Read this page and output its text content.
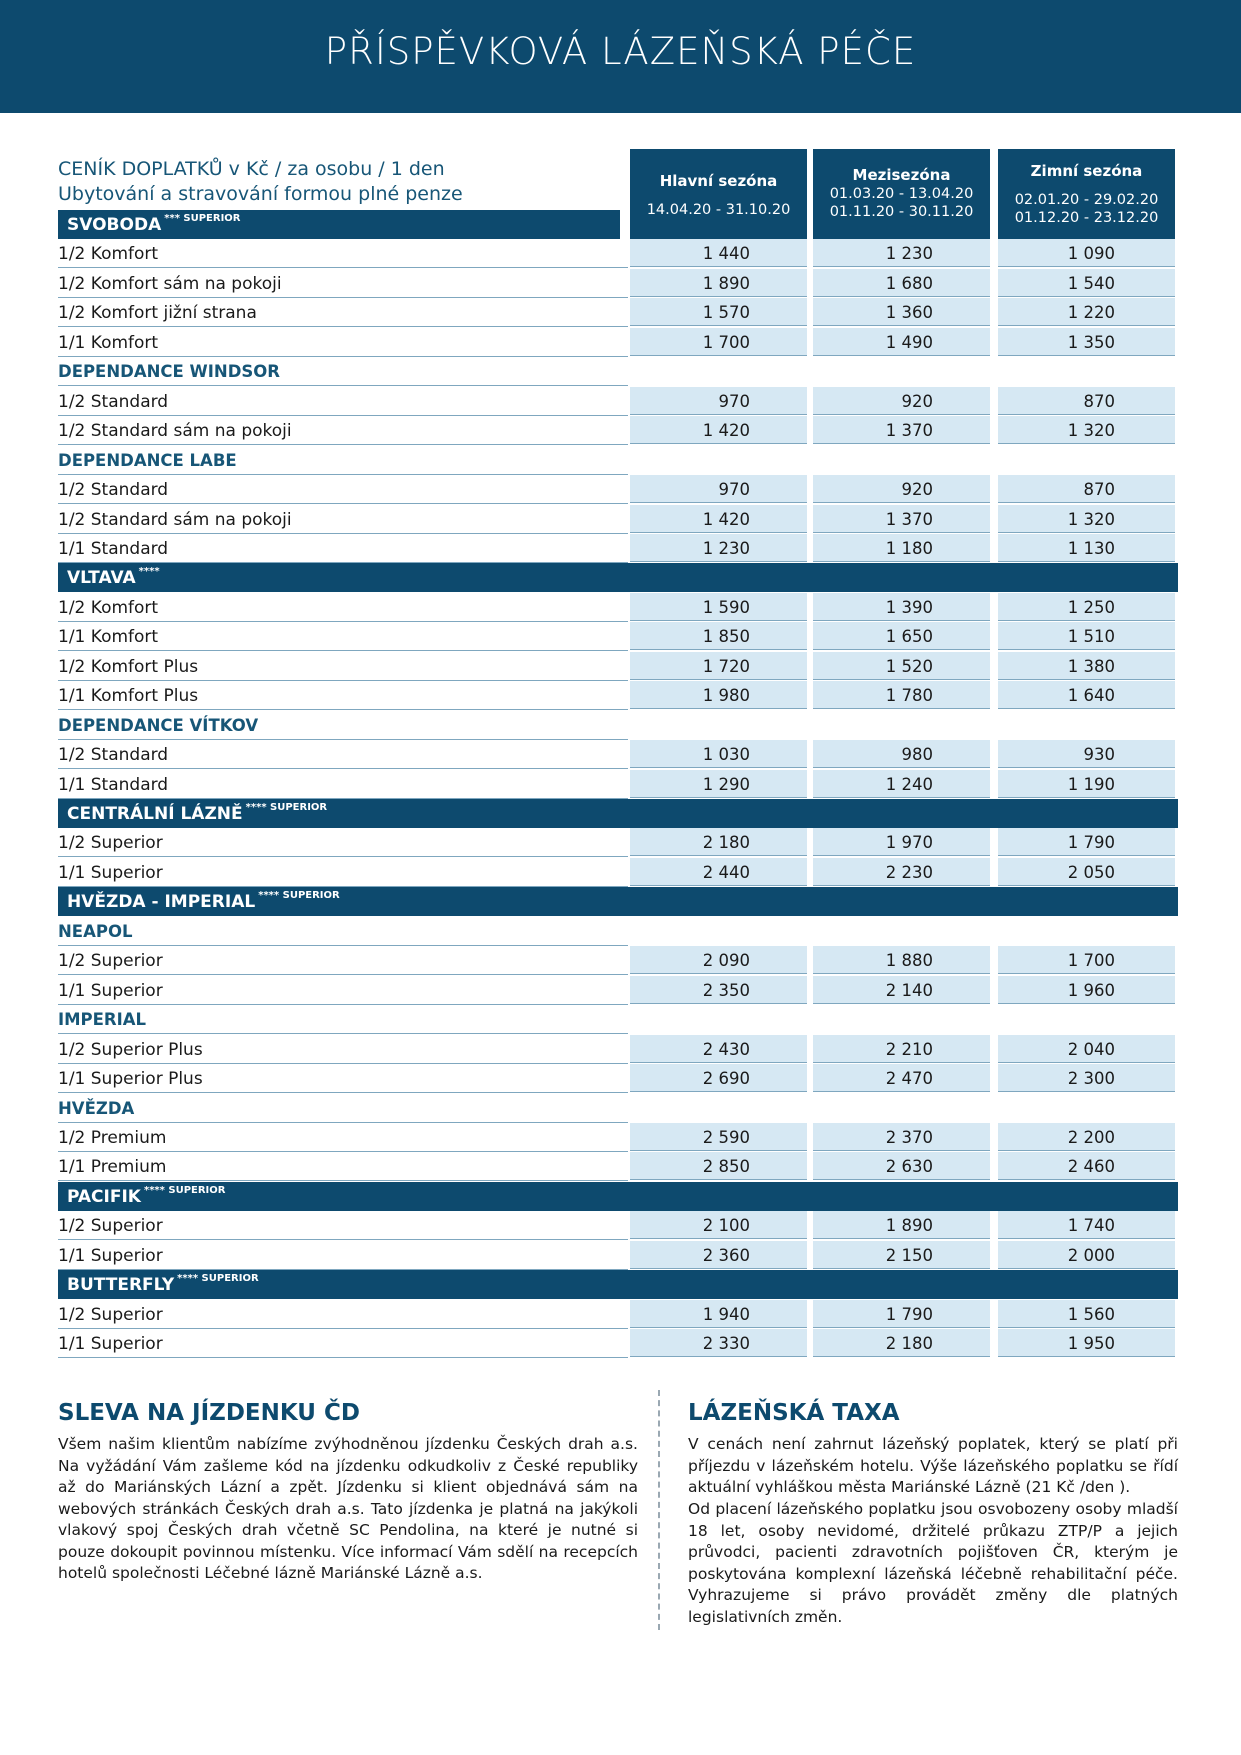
PŘÍSPĚVKOVÁ LÁZEŇSKÁ PÉČE
CENÍK DOPLATKŮ v Kč / za osobu / 1 den
Ubytování a stravování formou plné penze
Hlavní sezóna
14.04.20 - 31.10.20
Mezisezóna
01.03.20 - 13.04.20
01.11.20 - 30.11.20
Zimní sezóna
02.01.20 - 29.02.20
01.12.20 - 23.12.20
SVOBODA $^{*** SUPERIOR}$
1/2 Komfort	1 440	1 230	1 090
1/2 Komfort sám na pokoji	1 890	1 680	1 540
1/2 Komfort jižní strana	1 570	1 360	1 220
1/1 Komfort	1 700	1 490	1 350
DEPENDANCE WINDSOR
1/2 Standard	970	920	870
1/2 Standard sám na pokoji	1 420	1 370	1 320
DEPENDANCE LABE
1/2 Standard	970	920	870
1/2 Standard sám na pokoji	1 420	1 370	1 320
1/1 Standard	1 230	1 180	1 130
VLTAVA ****
1/2 Komfort	1 590	1 390	1 250
1/1 Komfort	1 850	1 650	1 510
1/2 Komfort Plus	1 720	1 520	1 380
1/1 Komfort Plus	1 980	1 780	1 640
DEPENDANCE VÍTKOV
1/2 Standard	1 030	980	930
1/1 Standard	1 290	1 240	1 190
CENTRÁLNÍ LÁZNĚ $^{**** SUPERIOR}$
1/2 Superior	2 180	1 970	1 790
1/1 Superior	2 440	2 230	2 050
HVĚZDA - IMPERIAL $^{**** SUPERIOR}$
NEAPOL
1/2 Superior	2 090	1 880	1 700
1/1 Superior	2 350	2 140	1 960
IMPERIAL
1/2 Superior Plus	2 430	2 210	2 040
1/1 Superior Plus	2 690	2 470	2 300
HVĚZDA
1/2 Premium	2 590	2 370	2 200
1/1 Premium	2 850	2 630	2 460
PACIFIK $^{**** SUPERIOR}$
1/2 Superior	2 100	1 890	1 740
1/1 Superior	2 360	2 150	2 000
BUTTERFLY $^{**** SUPERIOR}$
1/2 Superior	1 940	1 790	1 560
1/1 Superior	2 330	2 180	1 950
SLEVA NA JÍZDENKU ČD
Všem našim klientům nabízíme zvýhodněnou jízdenku Českých drah a.s. Na vyžádání Vám zašleme kód na jízdenku odkudkoliv z České republiky až do Mariánských Lázní a zpět. Jízdenku si klient objednává sám na webových stránkách Českých drah a.s. Tato jízdenka je platná na jakýkoli vlakový spoj Českých drah včetně SC Pendolina, na které je nutné si pouze dokoupit povinnou místenku. Více informací Vám sdělí na recepcích hotelů společnosti Léčebné lázně Mariánské Lázně a.s.
LÁZEŇSKÁ TAXA
V cenách není zahrnut lázeňský poplatek, který se platí při příjezdu v lázeňském hotelu. Výše lázeňského poplatku se řídí aktuální vyhláškou města Mariánské Lázně (21 Kč /den ).
Od placení lázeňského poplatku jsou osvobozeny osoby mladší 18 let, osoby nevidomé, držitelé průkazu ZTP/P a jejich průvodci, pacienti zdravotních pojišťoven ČR, kterým je poskytována komplexní lázeňská léčebně rehabilitační péče. Vyhrazujeme si právo provádět změny dle platných legislativních změn.
